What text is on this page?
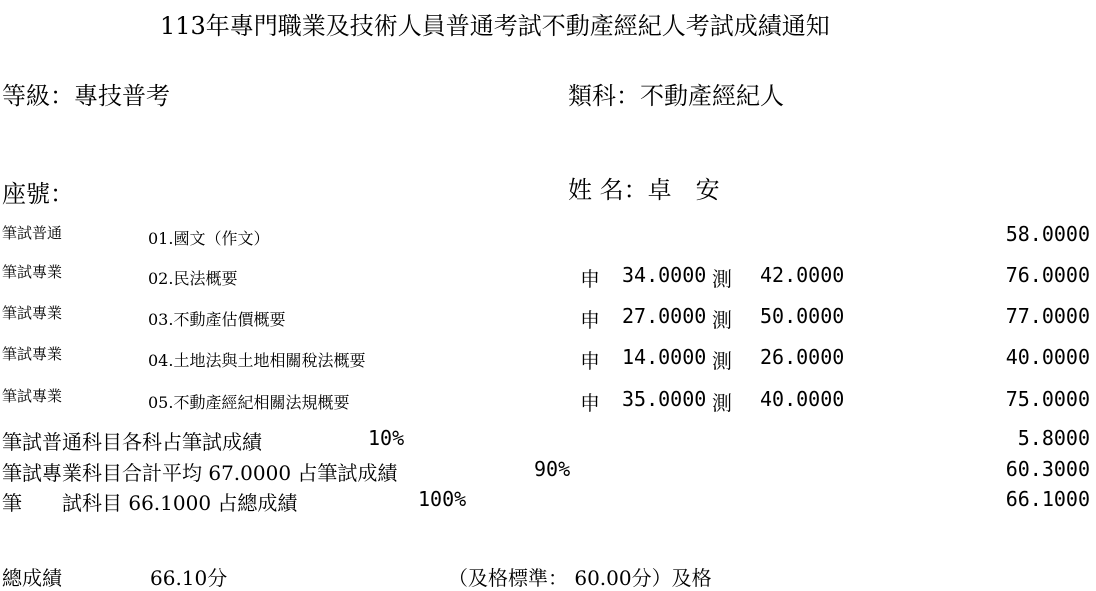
113年專門職業及技術人員普通考試不動產經紀人考試成績通知
等級：專技普考	類科：不動產經紀人
座號：	姓 名：卓　安
筆試普通	01.國文（作文）	58.0000
筆試專業	02.民法概要	申 34.0000 測 42.0000	76.0000
筆試專業	03.不動產估價概要	申 27.0000 測 50.0000	77.0000
筆試專業	04.土地法與土地相關稅法概要	申 14.0000 測 26.0000	40.0000
筆試專業	05.不動產經紀相關法規概要	申 35.0000 測 40.0000	75.0000
筆試普通科目各科占筆試成績	10%	5.8000
筆試專業科目合計平均 67.0000 占筆試成績	90%	60.3000
筆　　試科目 66.1000 占總成績	100%	66.1000
總成績	66.10分	（及格標準： 60.00分）及格
